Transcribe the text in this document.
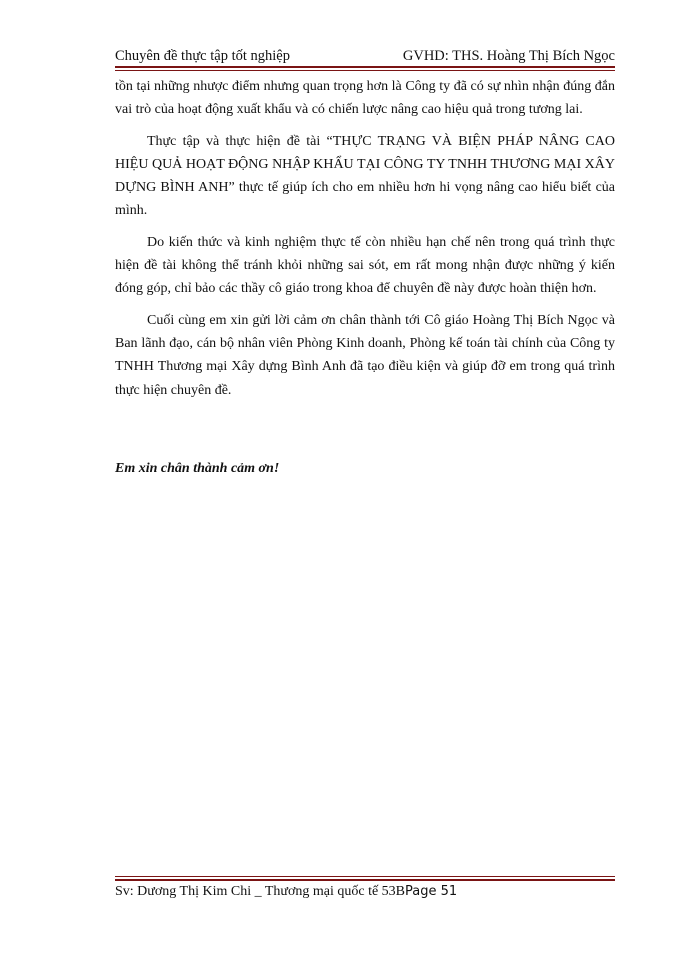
Chuyên đề thực tập tốt nghiệp	GVHD: THS. Hoàng Thị Bích Ngọc

tồn tại những nhược điểm nhưng quan trọng hơn là Công ty đã có sự nhìn nhận đúng đắn vai trò của hoạt động xuất khẩu và có chiến lược nâng cao hiệu quả trong tương lai.

Thực tập và thực hiện đề tài “THỰC TRẠNG VÀ BIỆN PHÁP NÂNG CAO HIỆU QUẢ HOẠT ĐỘNG NHẬP KHẨU TẠI CÔNG TY TNHH THƯƠNG MẠI XÂY DỰNG BÌNH ANH” thực tế giúp ích cho em nhiều hơn hi vọng nâng cao hiểu biết của mình.

Do kiến thức và kinh nghiệm thực tế còn nhiều hạn chế nên trong quá trình thực hiện đề tài không thể tránh khỏi những sai sót, em rất mong nhận được những ý kiến đóng góp, chỉ bảo các thầy cô giáo trong khoa để chuyên đề này được hoàn thiện hơn.

Cuối cùng em xin gửi lời cảm ơn chân thành tới Cô giáo Hoàng Thị Bích Ngọc và Ban lãnh đạo, cán bộ nhân viên Phòng Kinh doanh, Phòng kế toán tài chính của Công ty TNHH Thương mại Xây dựng Bình Anh đã tạo điều kiện và giúp đỡ em trong quá trình thực hiện chuyên đề.

Em xin chân thành cảm ơn!
Sv: Dương Thị Kim Chi _ Thương mại quốc tế 53BPage 51
